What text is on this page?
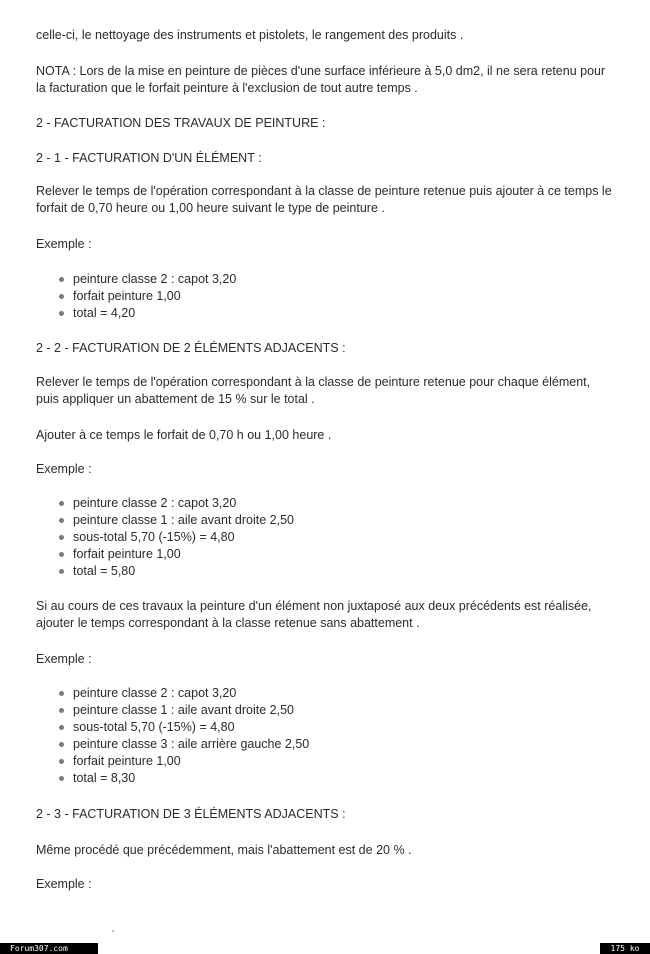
celle-ci, le nettoyage des instruments et pistolets, le rangement des produits .

NOTA : Lors de la mise en peinture de pièces d'une surface inférieure à 5,0 dm2, il ne sera retenu pour
la facturation que le forfait peinture à l'exclusion de tout autre temps .

2 - FACTURATION DES TRAVAUX DE PEINTURE :

2 - 1 - FACTURATION D'UN ÉLÉMENT :

Relever le temps de l'opération correspondant à la classe de peinture retenue puis ajouter à ce temps le
forfait de 0,70 heure ou 1,00 heure suivant le type de peinture .

Exemple :

peinture classe 2 : capot 3,20
forfait peinture 1,00
total = 4,20

2 - 2 - FACTURATION DE 2 ÉLÉMENTS ADJACENTS :

Relever le temps de l'opération correspondant à la classe de peinture retenue pour chaque élément,
puis appliquer un abattement de 15 % sur le total .

Ajouter à ce temps le forfait de 0,70 h ou 1,00 heure .

Exemple :

peinture classe 2 : capot 3,20
peinture classe 1 : aile avant droite 2,50
sous-total 5,70 (-15%) = 4,80
forfait peinture 1,00
total = 5,80

Si au cours de ces travaux la peinture d'un élément non juxtaposé aux deux précédents est réalisée,
ajouter le temps correspondant à la classe retenue sans abattement .

Exemple :

peinture classe 2 : capot 3,20
peinture classe 1 : aile avant droite 2,50
sous-total 5,70 (-15%) = 4,80
peinture classe 3 : aile arrière gauche 2,50
forfait peinture 1,00
total = 8,30

2 - 3 - FACTURATION DE 3 ÉLÉMENTS ADJACENTS :

Même procédé que précédemment, mais l'abattement est de 20 % .

Exemple :

Forum307.com	175 ko
